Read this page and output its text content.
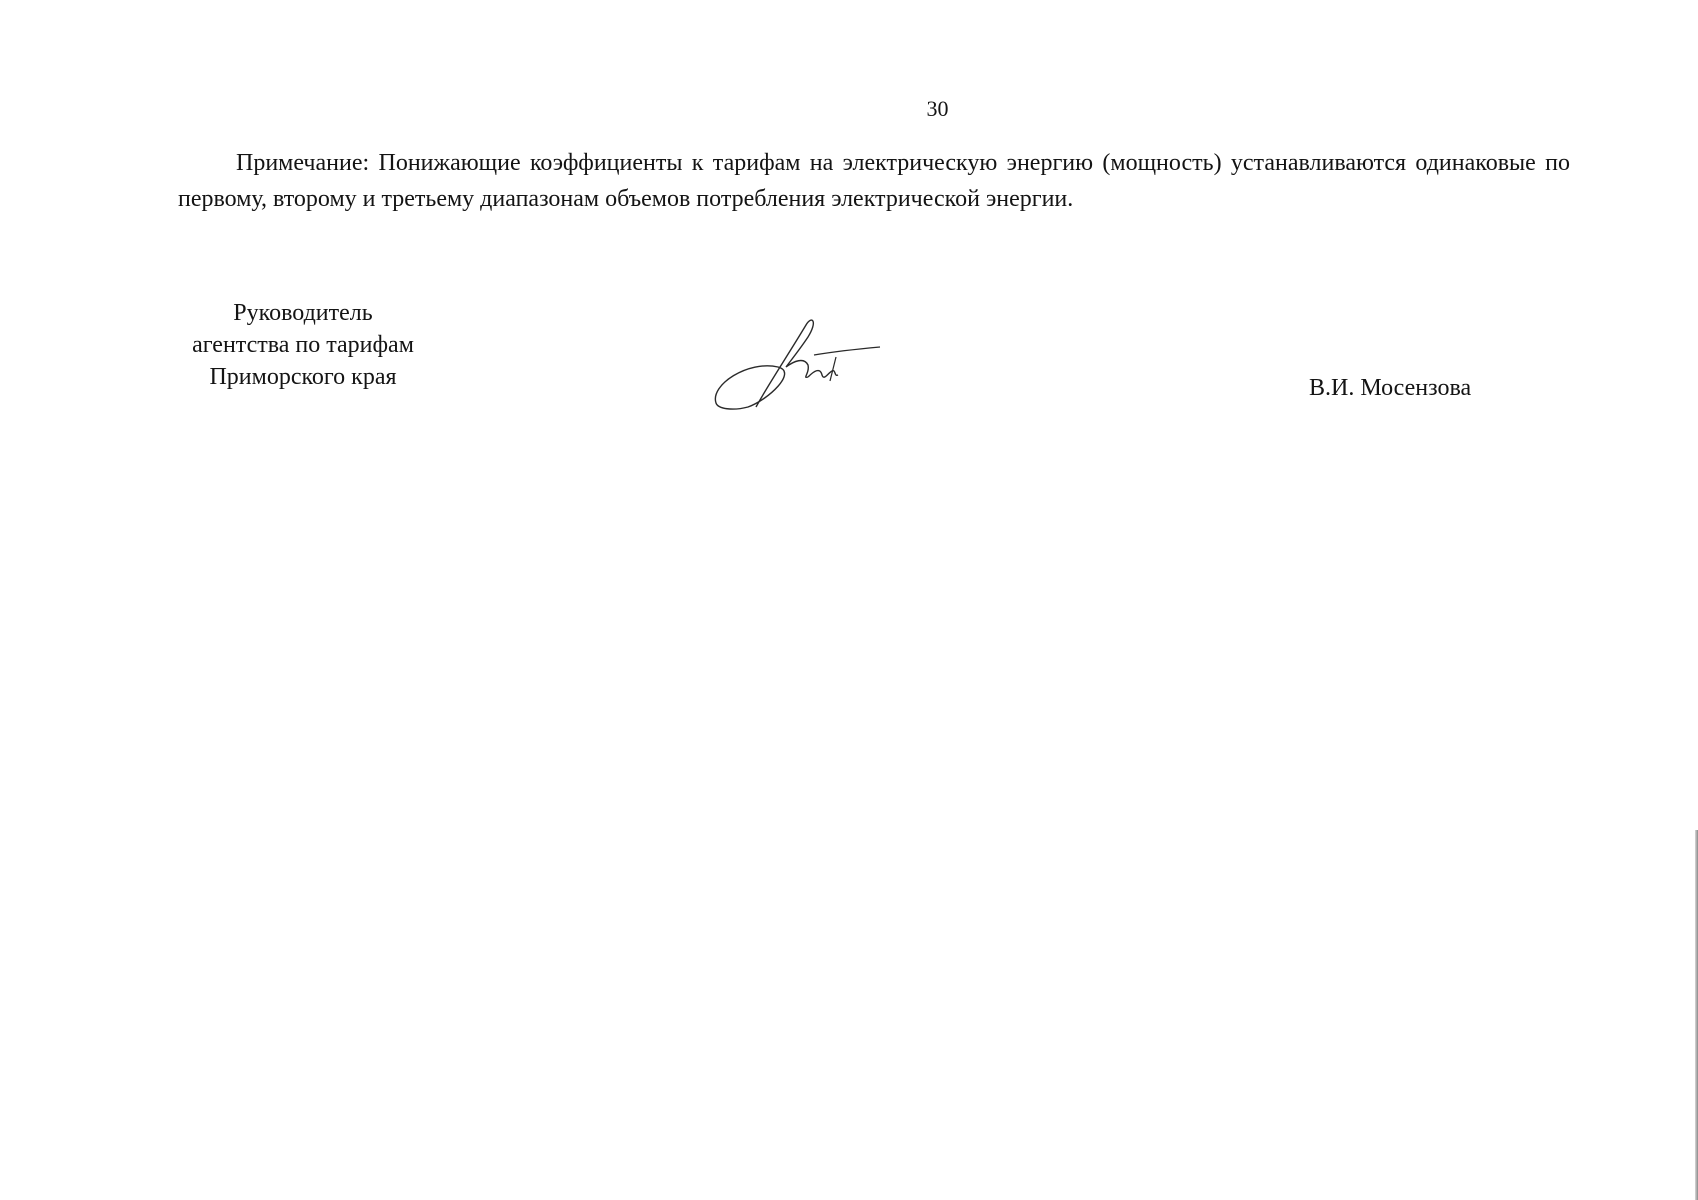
30

Примечание: Понижающие коэффициенты к тарифам на электрическую энергию (мощность) устанавливаются одинаковые по первому, второму и третьему диапазонам объемов потребления электрической энергии.

Руководитель
агентства по тарифам
Приморского края	В.И. Мосензова
